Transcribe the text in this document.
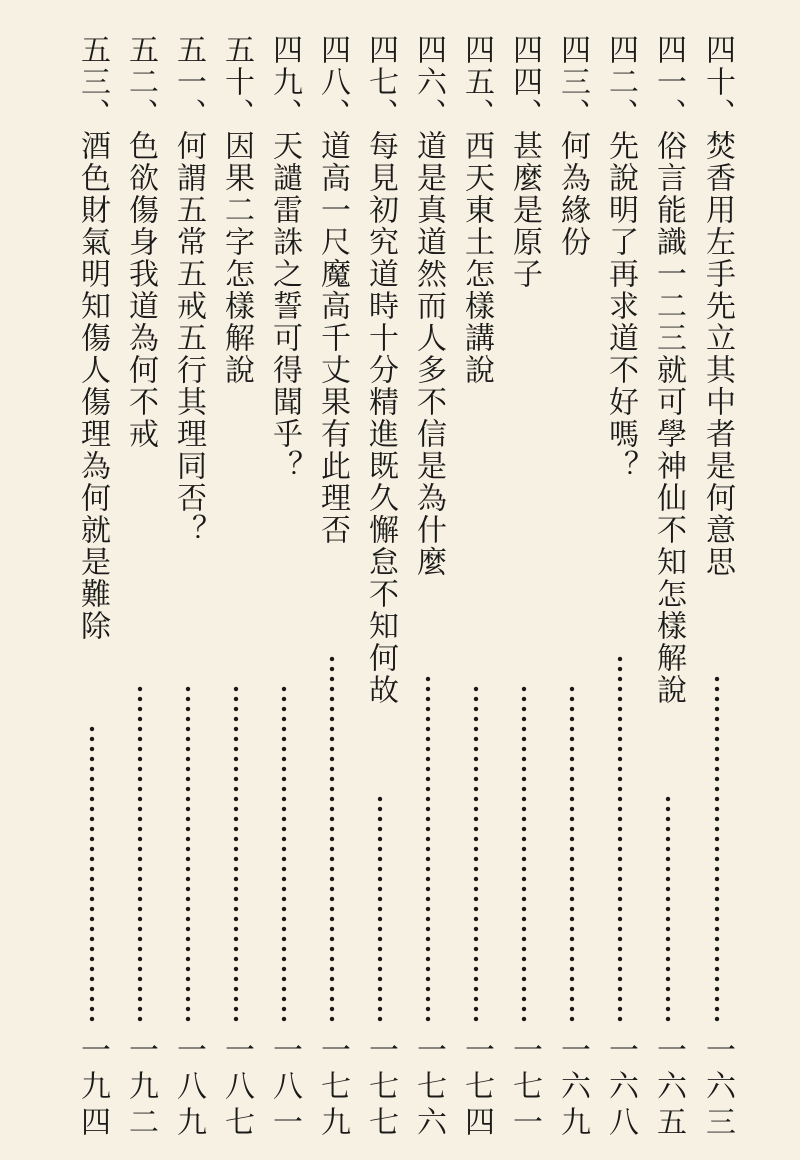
四十、焚香用左手先立其中者是何意思
一六三
四一、俗言能識一二三就可學神仙不知怎樣解說
一六五
四二、先說明了再求道不好嗎？
一六八
四三、何為緣份
一六九
四四、甚麼是原子
一七一
四五、西天東土怎樣講說
一七四
四六、道是真道然而人多不信是為什麼
一七六
四七、每見初究道時十分精進既久懈怠不知何故
一七七
四八、道高一尺魔高千丈果有此理否
一七九
四九、天譴雷誅之誓可得聞乎？
一八一
五十、因果二字怎樣解說
一八七
五一、何謂五常五戒五行其理同否？
一八九
五二、色欲傷身我道為何不戒
一九二
五三、酒色財氣明知傷人傷理為何就是難除
一九四
